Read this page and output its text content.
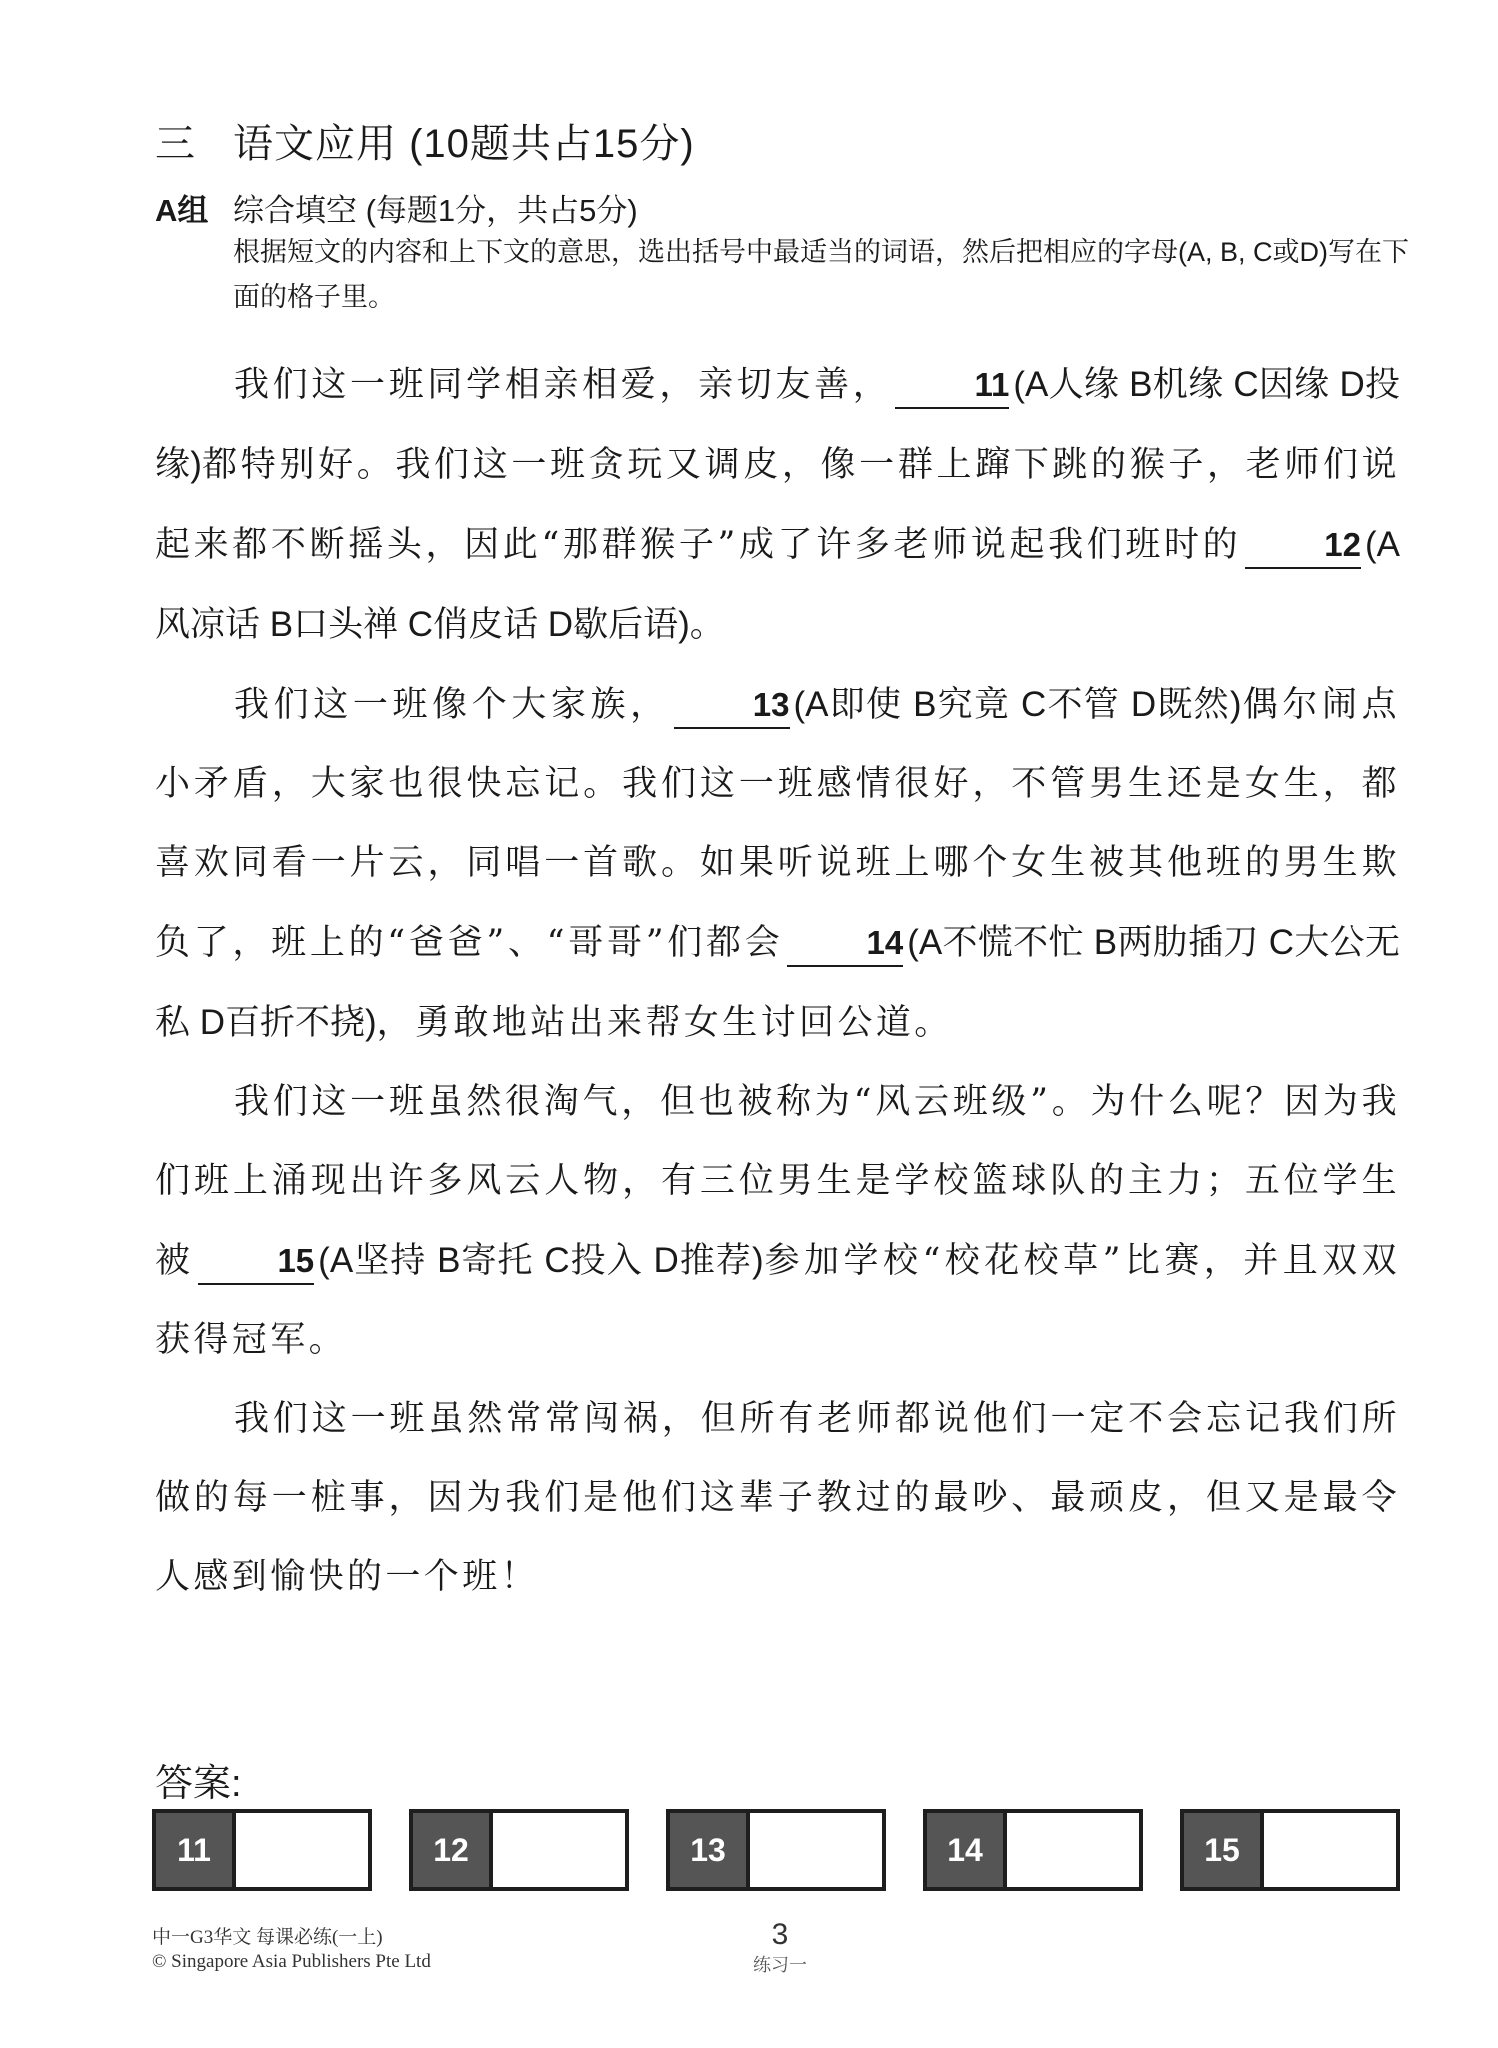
三 语文应用 (10题共占15分)
A组 综合填空 (每题1分，共占5分)
根据短文的内容和上下文的意思，选出括号中最适当的词语，然后把相应的字母(A, B, C或D)写在下面的格子里。

我们这一班同学相亲相爱，亲切友善，	11 (A人缘 B机缘 C因缘 D投缘)都特别好。我们这一班贪玩又调皮，像一群上蹿下跳的猴子，老师们说起来都不断摇头，因此“那群猴子”成了许多老师说起我们班时的	12 (A风凉话 B口头禅 C俏皮话 D歇后语)。

我们这一班像个大家族，	13 (A即使 B究竟 C不管 D既然)偶尔闹点小矛盾，大家也很快忘记。我们这一班感情很好，不管男生还是女生，都喜欢同看一片云，同唱一首歌。如果听说班上哪个女生被其他班的男生欺负了，班上的“爸爸”、“哥哥”们都会	14 (A不慌不忙 B两肋插刀 C大公无私 D百折不挠)，勇敢地站出来帮女生讨回公道。

我们这一班虽然很淘气，但也被称为“风云班级”。为什么呢？因为我们班上涌现出许多风云人物，有三位男生是学校篮球队的主力；五位学生被	15 (A坚持 B寄托 C投入 D推荐)参加学校“校花校草”比赛，并且双双获得冠军。

我们这一班虽然常常闯祸，但所有老师都说他们一定不会忘记我们所做的每一桩事，因为我们是他们这辈子教过的最吵、最顽皮，但又是最令人感到愉快的一个班！

答案:
11	12	13	14	15
中一G3华文 每课必练(一上)
© Singapore Asia Publishers Pte Ltd
3
练习一
